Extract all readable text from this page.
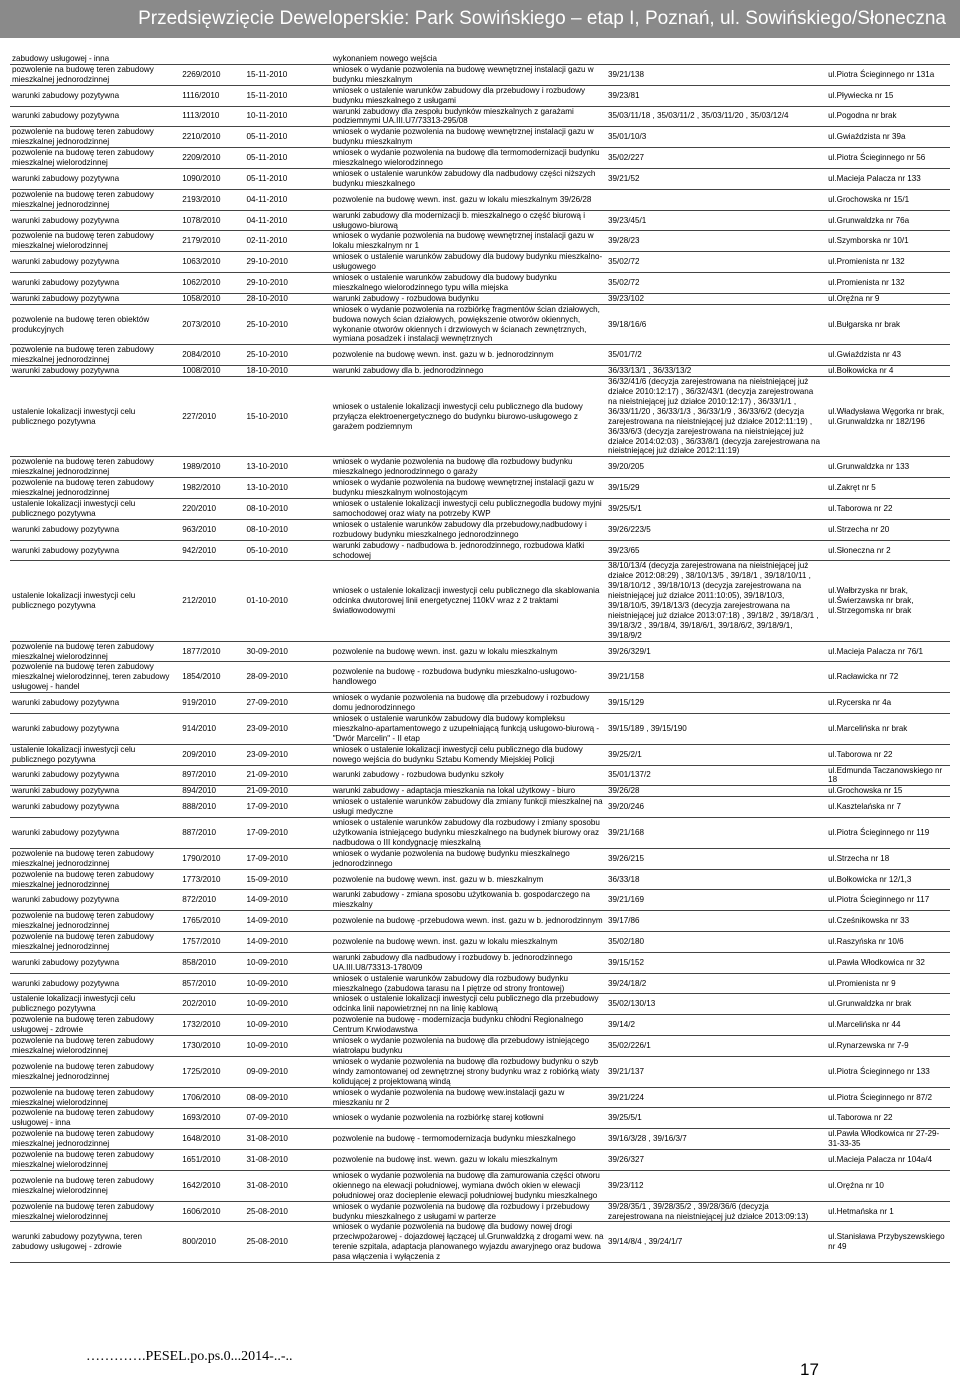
Przedsięwzięcie Deweloperskie: Park Sowińskiego – etap I, Poznań, ul. Sowińskiego/Słoneczna
zabudowy usługowej - inna			wykonaniem nowego wejścia		
pozwolenie na budowę teren zabudowy mieszkalnej jednorodzinnej	2269/2010	15-11-2010	wniosek o wydanie pozwolenia na budowę wewnętrznej instalacji gazu w budynku mieszkalnym	39/21/138	ul.Piotra Ścieginnego nr 131a
warunki zabudowy pozytywna	1116/2010	15-11-2010	wniosek o ustalenie warunków zabudowy dla przebudowy i rozbudowy budynku mieszkalnego z usługami	39/23/81	ul.Pływiecka nr 15
warunki zabudowy pozytywna	1113/2010	10-11-2010	warunki zabudowy dla zespołu budynków mieszkalnych z garażami podziemnymi UA.III.U7/73313-295/08	35/03/11/18 , 35/03/11/2 , 35/03/11/20 , 35/03/12/4	ul.Pogodna nr brak
pozwolenie na budowę teren zabudowy mieszkalnej jednorodzinnej	2210/2010	05-11-2010	wniosek o wydanie pozwolenia na budowę wewnętrznej instalacji gazu w budynku mieszkalnym	35/01/10/3	ul.Gwiaździsta nr 39a
pozwolenie na budowę teren zabudowy mieszkalnej wielorodzinnej	2209/2010	05-11-2010	wniosek o wydanie pozwolenia na budowę dla termomodernizacji budynku mieszkalnego wielorodzinnego	35/02/227	ul.Piotra Ścieginnego nr 56
warunki zabudowy pozytywna	1090/2010	05-11-2010	wniosek o ustalenie warunków zabudowy dla nadbudowy części niższych budynku mieszkalnego	39/21/52	ul.Macieja Palacza nr 133
pozwolenie na budowę teren zabudowy mieszkalnej jednorodzinnej	2193/2010	04-11-2010	pozwolenie na budowę wewn. inst. gazu w lokalu mieszkalnym 39/26/28		ul.Grochowska nr 15/1
warunki zabudowy pozytywna	1078/2010	04-11-2010	warunki zabudowy dla modernizacji b. mieszkalnego o część biurową i usługowo-biurową	39/23/45/1	ul.Grunwaldzka nr 76a
pozwolenie na budowę teren zabudowy mieszkalnej wielorodzinnej	2179/2010	02-11-2010	wniosek o wydanie pozwolenia na budowę wewnętrznej instalacji gazu w lokalu mieszkalnym nr 1	39/28/23	ul.Szymborska nr 10/1
warunki zabudowy pozytywna	1063/2010	29-10-2010	wniosek o ustalenie warunków zabudowy dla budowy budynku mieszkalno-usługowego	35/02/72	ul.Promienista nr 132
warunki zabudowy pozytywna	1062/2010	29-10-2010	wniosek o ustalenie warunków zabudowy dla budowy budynku mieszkalnego wielorodzinnego typu willa miejska	35/02/72	ul.Promienista nr 132
warunki zabudowy pozytywna	1058/2010	28-10-2010	warunki zabudowy - rozbudowa budynku	39/23/102	ul.Oręźna nr 9
pozwolenie na budowę teren obiektów produkcyjnych	2073/2010	25-10-2010	wniosek o wydanie pozwolenia na rozbiórkę fragmentów ścian działowych, budowa nowych ścian działowych, powiększenie otworów okiennych, wykonanie otworów okiennych i drzwiowych w ścianach zewnętrznych, wymiana posadzek i instalacji wewnętrznych	39/18/16/6	ul.Bułgarska nr brak
pozwolenie na budowę teren zabudowy mieszkalnej jednorodzinnej	2084/2010	25-10-2010	pozwolenie na budowę wewn. inst. gazu w b. jednorodzinnym	35/01/7/2	ul.Gwiaździsta nr 43
warunki zabudowy pozytywna	1008/2010	18-10-2010	warunki zabudowy dla b. jednorodzinnego	36/33/13/1 , 36/33/13/2	ul.Bołkowicka nr 4
ustalenie lokalizacji inwestycji celu publicznego pozytywna	227/2010	15-10-2010	wniosek o ustalenie lokalizacji inwestycji celu publicznego dla budowy przyłącza elektroenergetycznego do budynku biurowo-usługowego z garażem podziemnym	36/32/41/6 (decyzja zarejestrowana na nieistniejącej już działce 2010:12:17) , 36/32/43/1 (decyzja zarejestrowana na nieistniejącej już działce 2010:12:17) , 36/33/1/1 , 36/33/11/20 , 36/33/1/3 , 36/33/1/9 , 36/33/6/2 (decyzja zarejestrowana na nieistniejącej już działce 2012:11:19) , 36/33/6/3 (decyzja zarejestrowana na nieistniejącej już działce 2014:02:03) , 36/33/8/1 (decyzja zarejestrowana na nieistniejącej już działce 2012:11:19)	ul.Władysława Węgorka nr brak, ul.Grunwaldzka nr 182/196
pozwolenie na budowę teren zabudowy mieszkalnej jednorodzinnej	1989/2010	13-10-2010	wniosek o wydanie pozwolenia na budowę dla rozbudowy budynku mieszkalnego jednorodzinnego o garaży	39/20/205	ul.Grunwaldzka nr 133
pozwolenie na budowę teren zabudowy mieszkalnej jednorodzinnej	1982/2010	13-10-2010	wniosek o wydanie pozwolenia na budowę wewnętrznej instalacji gazu w budynku mieszkalnym wolnostojącym	39/15/29	ul.Zakręt nr 5
ustalenie lokalizacji inwestycji celu publicznego pozytywna	220/2010	08-10-2010	wniosek o ustalenie lokalizacji inwestycji celu publicznegodla budowy myjni samochodowej oraz wiaty na potrzeby KWP	39/25/5/1	ul.Taborowa nr 22
warunki zabudowy pozytywna	963/2010	08-10-2010	wniosek o ustalenie warunków zabudowy dla przebudowy,nadbudowy i rozbudowy budynku mieszkalnego jednorodzinnego	39/26/223/5	ul.Strzecha nr 20
warunki zabudowy pozytywna	942/2010	05-10-2010	warunki zabudowy - nadbudowa b. jednorodzinnego, rozbudowa klatki schodowej	39/23/65	ul.Słoneczna nr 2
ustalenie lokalizacji inwestycji celu publicznego pozytywna	212/2010	01-10-2010	wniosek o ustalenie lokalizacji inwestycji celu publicznego dla skablowania odcinka dwutorowej linii energetycznej 110kV wraz z 2 traktami światłowodowymi	38/10/13/4 (decyzja zarejestrowana na nieistniejącej już działce 2012:08:29) , 38/10/13/5 , 39/18/1 , 39/18/10/11 , 39/18/10/12 , 39/18/10/13 (decyzja zarejestrowana na nieistniejącej już działce 2011:10:05), 39/18/10/3, 39/18/10/5, 39/18/13/3 (decyzja zarejestrowana na nieistniejącej już działce 2013:07:18) , 39/18/2 , 39/18/3/1 , 39/18/3/2 , 39/18/4, 39/18/6/1, 39/18/6/2, 39/18/9/1, 39/18/9/2	ul.Wałbrzyska nr brak, ul.Świerzawska nr brak, ul.Strzegomska nr brak
pozwolenie na budowę teren zabudowy mieszkalnej wielorodzinnej	1877/2010	30-09-2010	pozwolenie na budowę wewn. inst. gazu w lokalu mieszkalnym	39/26/329/1	ul.Macieja Palacza nr 76/1
pozwolenie na budowę teren zabudowy mieszkalnej wielorodzinnej, teren zabudowy usługowej - handel	1854/2010	28-09-2010	pozwolenie na budowę - rozbudowa budynku mieszkalno-usługowo-handlowego	39/21/158	ul.Racławicka nr 72
warunki zabudowy pozytywna	919/2010	27-09-2010	wniosek o wydanie pozwolenia na budowę dla przebudowy i rozbudowy domu jednorodzinnego	39/15/129	ul.Rycerska nr 4a
warunki zabudowy pozytywna	914/2010	23-09-2010	wniosek o ustalenie warunków zabudowy dla budowy kompleksu mieszkalno-apartamentowego z uzupełniającą funkcją usługowo-biurową - "Dwór Marcelin" - II etap	39/15/189 , 39/15/190	ul.Marcelińska nr brak
ustalenie lokalizacji inwestycji celu publicznego pozytywna	209/2010	23-09-2010	wniosek o ustalenie lokalizacji inwestycji celu publicznego dla budowy nowego wejścia do budynku Sztabu Komendy Miejskiej Policji	39/25/2/1	ul.Taborowa nr 22
warunki zabudowy pozytywna	897/2010	21-09-2010	warunki zabudowy - rozbudowa budynku szkoły	35/01/137/2	ul.Edmunda Taczanowskiego nr 18
warunki zabudowy pozytywna	894/2010	21-09-2010	warunki zabudowy - adaptacja mieszkania na lokal użytkowy - biuro	39/26/28	ul.Grochowska nr 15
warunki zabudowy pozytywna	888/2010	17-09-2010	wniosek o ustalenie warunków zabudowy dla zmiany funkcji mieszkalnej na usługi medyczne	39/20/246	ul.Kasztelańska nr 7
warunki zabudowy pozytywna	887/2010	17-09-2010	wniosek o ustalenie warunków zabudowy dla rozbudowy i zmiany sposobu użytkowania istniejącego budynku mieszkalnego na budynek biurowy oraz nadbudowa o III kondygnację mieszkalną	39/21/168	ul.Piotra Ścieginnego nr 119
pozwolenie na budowę teren zabudowy mieszkalnej jednorodzinnej	1790/2010	17-09-2010	wniosek o wydanie pozwolenia na budowę budynku mieszkalnego jednorodzinnego	39/26/215	ul.Strzecha nr 18
pozwolenie na budowę teren zabudowy mieszkalnej jednorodzinnej	1773/2010	15-09-2010	pozwolenie na budowę wewn. inst. gazu w b. mieszkalnym	36/33/18	ul.Bołkowicka nr 12/1,3
warunki zabudowy pozytywna	872/2010	14-09-2010	warunki zabudowy - zmiana sposobu użytkowania b. gospodarczego na mieszkalny	39/21/169	ul.Piotra Ścieginnego nr 117
pozwolenie na budowę teren zabudowy mieszkalnej jednorodzinnej	1765/2010	14-09-2010	pozwolenie na budowę -przebudowa wewn. inst. gazu w b. jednorodzinnym	39/17/86	ul.Cześnikowska nr 33
pozwolenie na budowę teren zabudowy mieszkalnej jednorodzinnej	1757/2010	14-09-2010	pozwolenie na budowę wewn. inst. gazu w lokalu mieszkalnym	35/02/180	ul.Raszyńska nr 10/6
warunki zabudowy pozytywna	858/2010	10-09-2010	warunki zabudowy dla nadbudowy i rozbudowy b. jednorodzinnego UA.III.U8/73313-1780/09	39/15/152	ul.Pawła Włodkowica nr 32
warunki zabudowy pozytywna	857/2010	10-09-2010	wniosek o ustalenie warunków zabudowy dla rozbudowy budynku mieszkalnego (zabudowa tarasu na I piętrze od strony frontowej)	39/24/18/2	ul.Promienista nr 9
ustalenie lokalizacji inwestycji celu publicznego pozytywna	202/2010	10-09-2010	wniosek o ustalenie lokalizacji inwestycji celu publicznego dla przebudowy odcinka linii napowietrznej nn na linię kablową	35/02/130/13	ul.Grunwaldzka nr brak
pozwolenie na budowę teren zabudowy usługowej - zdrowie	1732/2010	10-09-2010	pozwolenie na budowę - modernizacja budynku chłodni Regionalnego Centrum Krwiodawstwa	39/14/2	ul.Marcelińska nr 44
pozwolenie na budowę teren zabudowy mieszkalnej wielorodzinnej	1730/2010	10-09-2010	wniosek o wydanie pozwolenia na budowę dla przebudowy istniejącego wiatrołapu budynku	35/02/226/1	ul.Rynarzewska nr 7-9
pozwolenie na budowę teren zabudowy mieszkalnej jednorodzinnej	1725/2010	09-09-2010	wniosek o wydanie pozwolenia na budowę dla rozbudowy budynku o szyb windy zamontowanej od zewnętrznej strony budynku wraz z robiórką wiaty kolidującej z projektowaną windą	39/21/137	ul.Piotra Ścieginnego nr 133
pozwolenie na budowę teren zabudowy mieszkalnej wielorodzinnej	1706/2010	08-09-2010	wniosek o wydanie pozwolenia na budowę wew.instalacji gazu w mieszkaniu nr 2	39/21/224	ul.Piotra Ścieginnego nr 87/2
pozwolenie na budowę teren zabudowy usługowej - inna	1693/2010	07-09-2010	wniosek o wydanie pozwolenia na rozbiórkę starej kotłowni	39/25/5/1	ul.Taborowa nr 22
pozwolenie na budowę teren zabudowy mieszkalnej jednorodzinnej	1648/2010	31-08-2010	pozwolenie na budowę - termomodernizacja budynku mieszkalnego	39/16/3/28 , 39/16/3/7	ul.Pawła Włodkowica nr 27-29-31-33-35
pozwolenie na budowę teren zabudowy mieszkalnej wielorodzinnej	1651/2010	31-08-2010	pozwolenie na budowę inst. wewn. gazu w lokalu mieszkalnym	39/26/327	ul.Macieja Palacza nr 104a/4
pozwolenie na budowę teren zabudowy mieszkalnej wielorodzinnej	1642/2010	31-08-2010	wniosek o wydanie pozwolenia na budowę dla zamurowania części otworu okiennego na elewacji południowej, wymiana dwóch okien w elewacji południowej oraz docieplenie elewacji południowej budynku mieszkalnego	39/23/112	ul.Oręźna nr 10
pozwolenie na budowę teren zabudowy mieszkalnej wielorodzinnej	1606/2010	25-08-2010	wniosek o wydanie pozwolenia na budowę dla rozbudowy i przebudowy budynku mieszkalnego z usługami w parterze	39/28/35/1 , 39/28/35/2 , 39/28/36/6 (decyzja zarejestrowana na nieistniejącej już działce 2013:09:13)	ul.Hetmańska nr 1
warunki zabudowy pozytywna, teren zabudowy usługowej - zdrowie	800/2010	25-08-2010	wniosek o wydanie pozwolenia na budowę dla budowy nowej drogi przeciwpożarowej - dojazdowej łączącej ul.Grunwaldzką z drogami wew. na terenie szpitala, adaptacja planowanego wyjazdu awaryjnego oraz budowa pasa włączenia i wyłączenia z	39/14/8/4 , 39/24/1/7	ul.Stanisława Przybyszewskiego nr 49
………….PESEL.po.ps.0...2014-..-..
17
